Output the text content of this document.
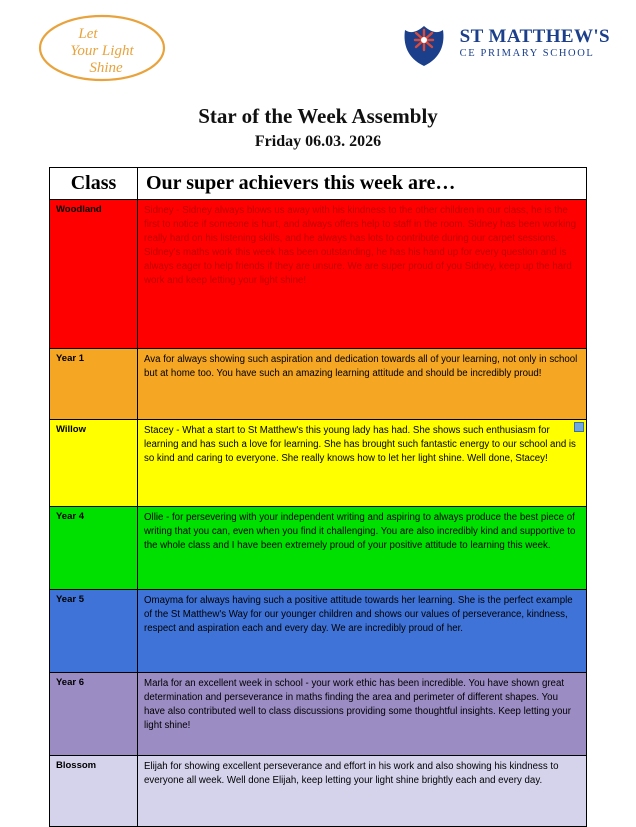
Let
Your Light
Shine
ST MATTHEW'S
CE PRIMARY SCHOOL
Star of the Week Assembly
Friday 06.03. 2026
Class	Our super achievers this week are…

Woodland	Sidney - Sidney always blows us away with his kindness to the other children in our class, he is the first to notice if someone is hurt, and always offers help to staff in the room. Sidney has been working really hard on his listening skills, and he always has lots to contribute during our carpet sessions. Sidney's maths work this week has been outstanding, he has his hand up for every question and is always eager to help friends if they are unsure. We are super proud of you Sidney, keep up the hard work and keep letting your light shine!

Year 1	Ava for always showing such aspiration and dedication towards all of your learning, not only in school but at home too. You have such an amazing learning attitude and should be incredibly proud!

Willow	Stacey - What a start to St Matthew's this young lady has had. She shows such enthusiasm for learning and has such a love for learning. She has brought such fantastic energy to our school and is so kind and caring to everyone. She really knows how to let her light shine. Well done, Stacey!

Year 4	Ollie - for persevering with your independent writing and aspiring to always produce the best piece of writing that you can, even when you find it challenging. You are also incredibly kind and supportive to the whole class and I have been extremely proud of your positive attitude to learning this week.

Year 5	Omayma for always having such a positive attitude towards her learning. She is the perfect example of the St Matthew's Way for our younger children and shows our values of perseverance, kindness, respect and aspiration each and every day. We are incredibly proud of her.

Year 6	Marla for an excellent week in school - your work ethic has been incredible. You have shown great determination and perseverance in maths finding the area and perimeter of different shapes. You have also contributed well to class discussions providing some thoughtful insights. Keep letting your light shine!

Blossom	Elijah for showing excellent perseverance and effort in his work and also showing his kindness to everyone all week. Well done Elijah, keep letting your light shine brightly each and every day.
